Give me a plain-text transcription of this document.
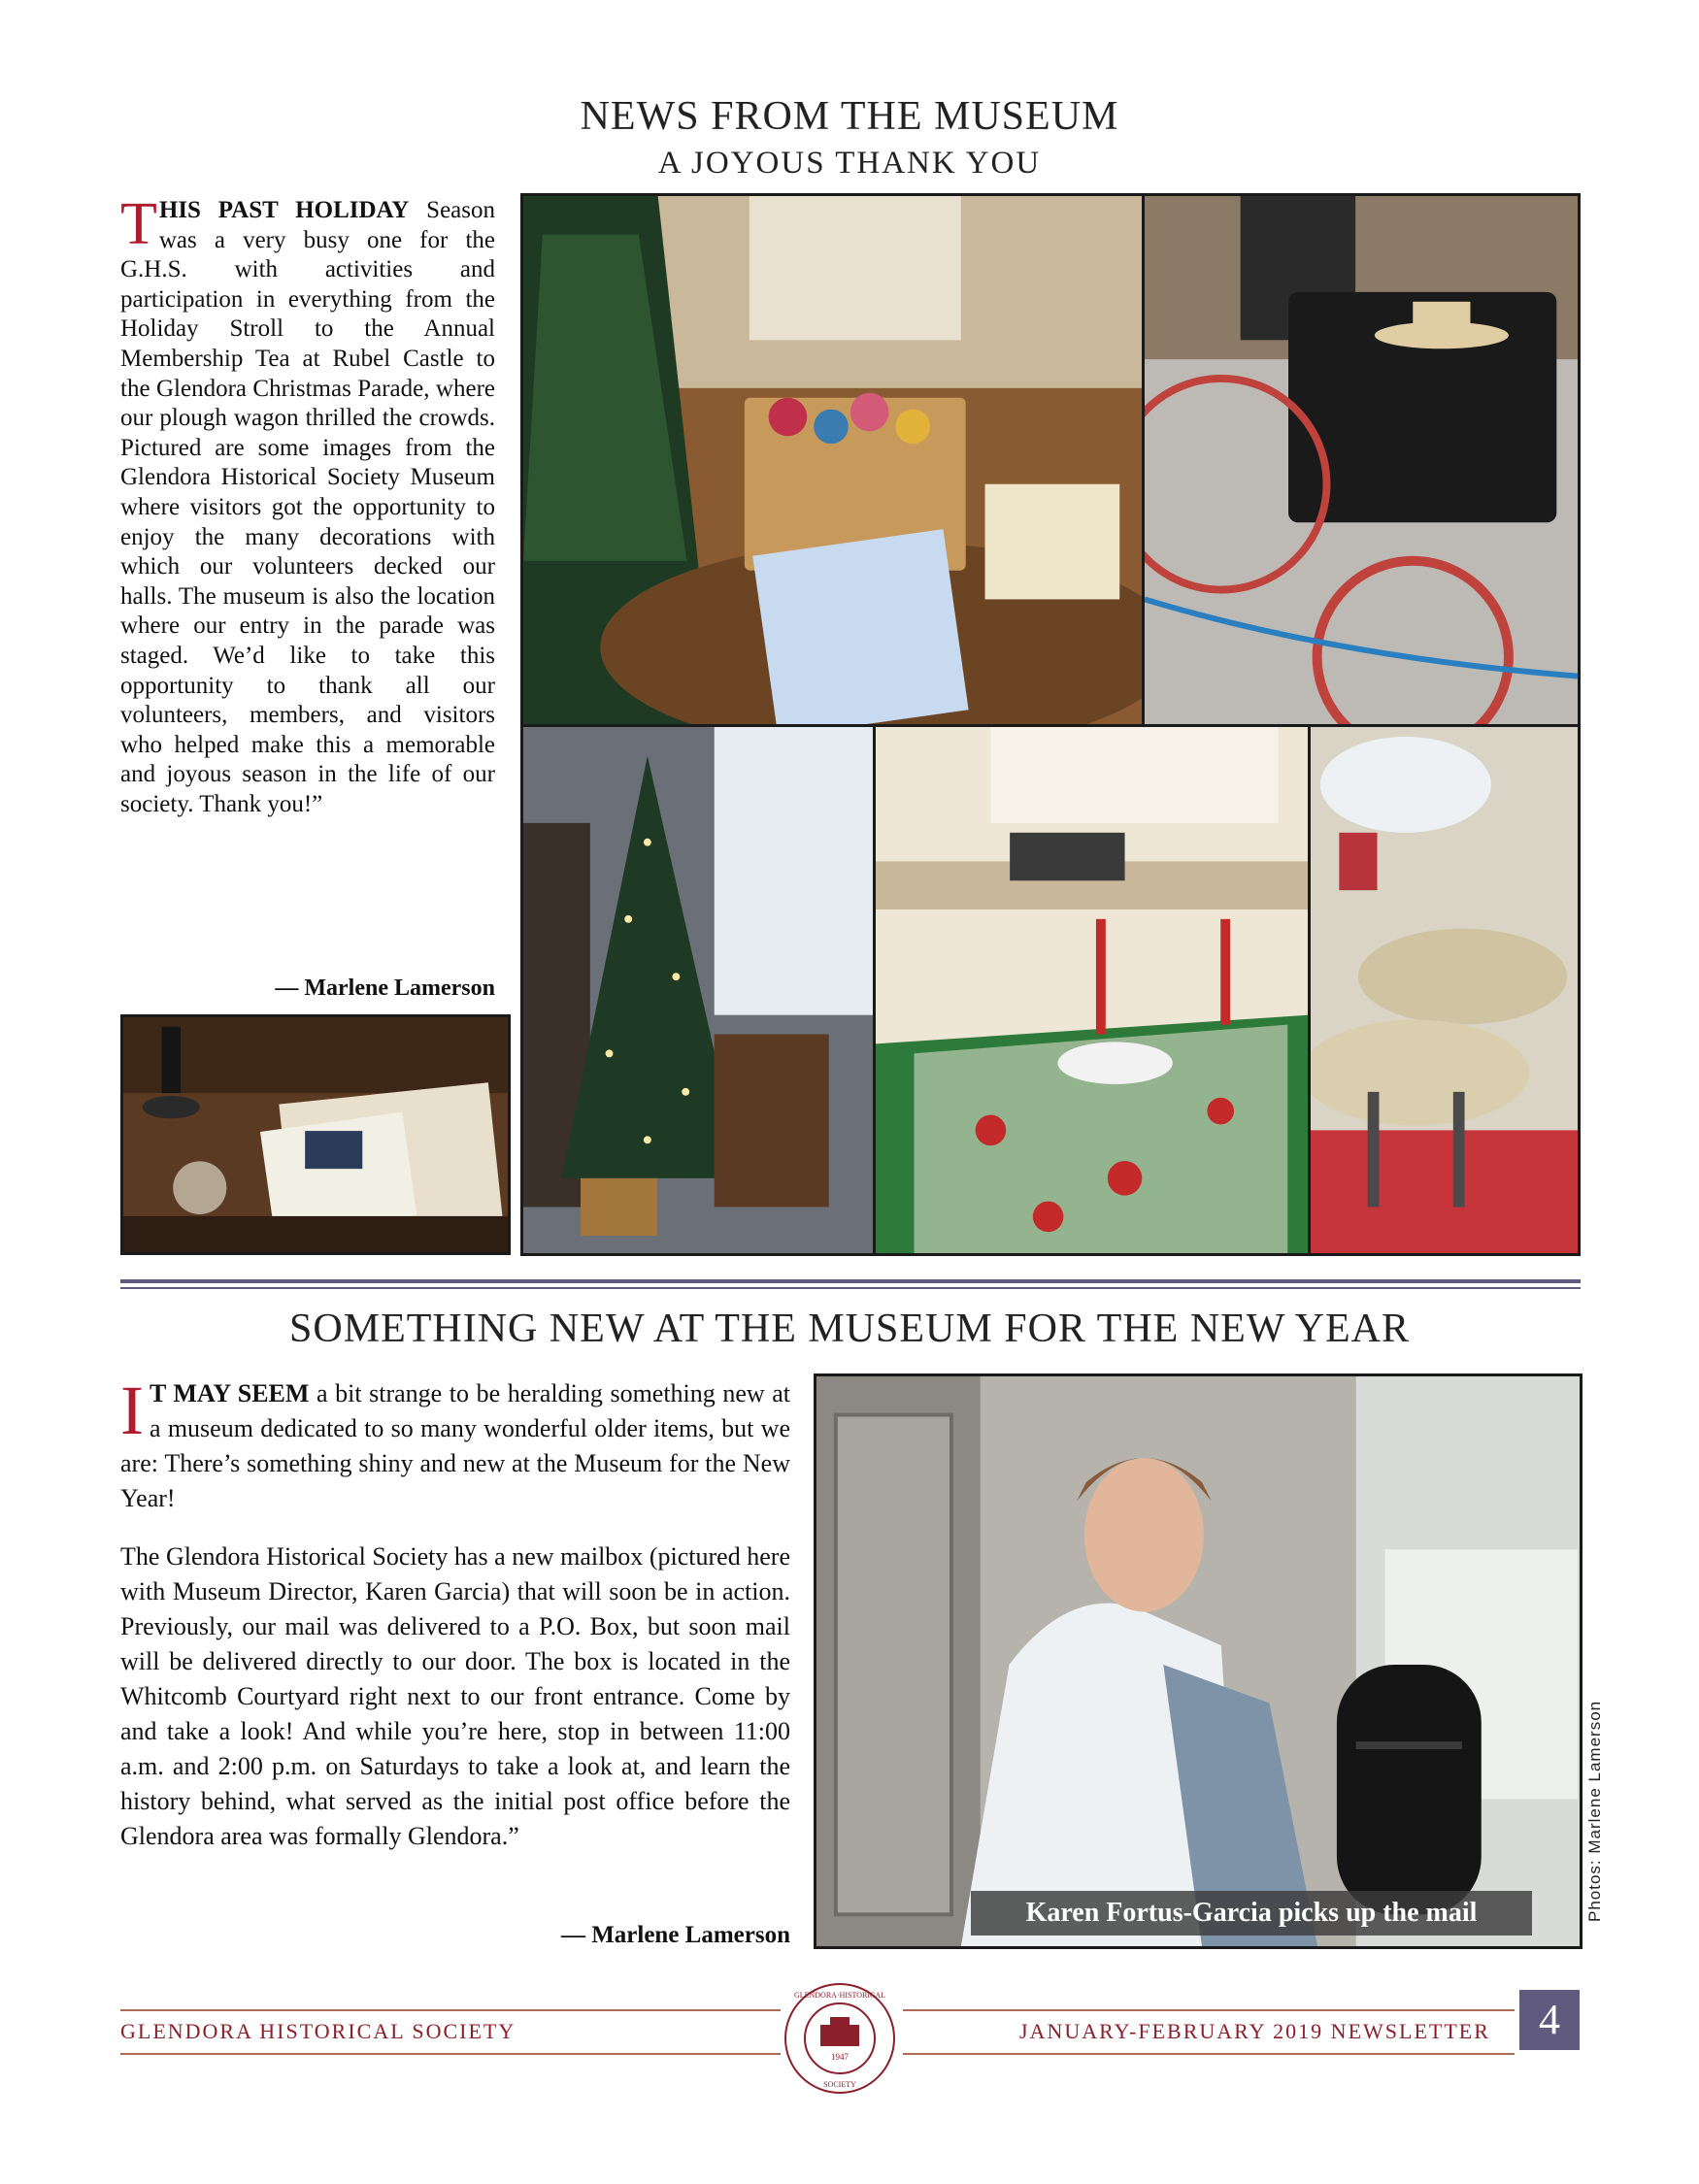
NEWS FROM THE MUSEUM
A JOYOUS THANK YOU
THIS PAST HOLIDAY Season was a very busy one for the G.H.S. with activities and participation in everything from the Holiday Stroll to the Annual Membership Tea at Rubel Castle to the Glendora Christmas Parade, where our plough wagon thrilled the crowds. Pictured are some images from the Glendora Historical Society Museum where visitors got the opportunity to enjoy the many decorations with which our volunteers decked our halls. The museum is also the location where our entry in the parade was staged. We’d like to take this opportunity to thank all our volunteers, members, and visitors who helped make this a memorable and joyous season in the life of our society. Thank you!”
— Marlene Lamerson
SOMETHING NEW AT THE MUSEUM FOR THE NEW YEAR

IT MAY SEEM a bit strange to be heralding something new at a museum dedicated to so many wonderful older items, but we are: There’s something shiny and new at the Museum for the New Year!

The Glendora Historical Society has a new mailbox (pictured here with Museum Director, Karen Garcia) that will soon be in action. Previously, our mail was delivered to a P.O. Box, but soon mail will be delivered directly to our door. The box is located in the Whitcomb Courtyard right next to our front entrance. Come by and take a look! And while you’re here, stop in between 11:00 a.m. and 2:00 p.m. on Saturdays to take a look at, and learn the history behind, what served as the initial post office before the Glendora area was formally Glendora.”

— Marlene Lamerson
Karen Fortus-Garcia picks up the mail	Photos: Marlene Lamerson
GLENDORA HISTORICAL SOCIETY	JANUARY-FEBRUARY 2019 NEWSLETTER	4
1947
GLENDORA·HISTORICAL
SOCIETY
